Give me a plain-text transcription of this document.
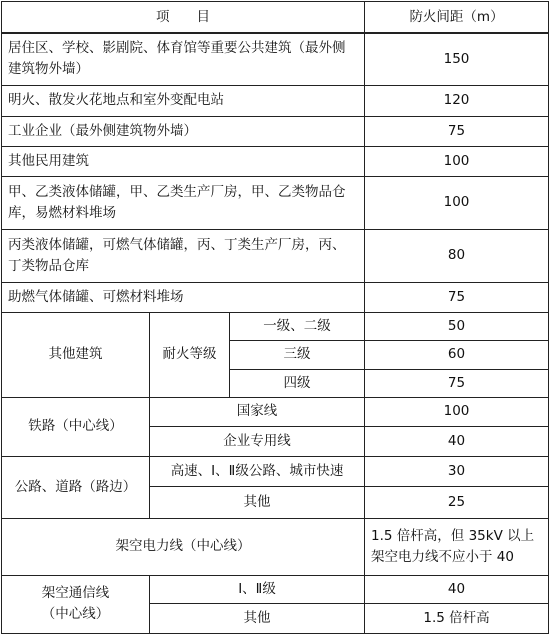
项　　目			防火间距（m）
居住区、学校、影剧院、体育馆等重要公共建筑（最外侧建筑物外墙）			150
明火、散发火花地点和室外变配电站			120
工业企业（最外侧建筑物外墙）			75
其他民用建筑			100
甲、乙类液体储罐，甲、乙类生产厂房，甲、乙类物品仓库，易燃材料堆场			100
丙类液体储罐，可燃气体储罐，丙、丁类生产厂房，丙、丁类物品仓库			80
助燃气体储罐、可燃材料堆场			75
其他建筑	耐火等级	一级、二级	50
		三级	60
		四级	75
铁路（中心线）	国家线		100
	企业专用线		40
公路、道路（路边）	高速、Ⅰ、Ⅱ级公路、城市快速		30
	其他		25
架空电力线（中心线）			1.5 倍杆高，但 35kV 以上架空电力线不应小于 40

架空通信线
（中心线）	Ⅰ、Ⅱ级		40
	其他		1.5 倍杆高
